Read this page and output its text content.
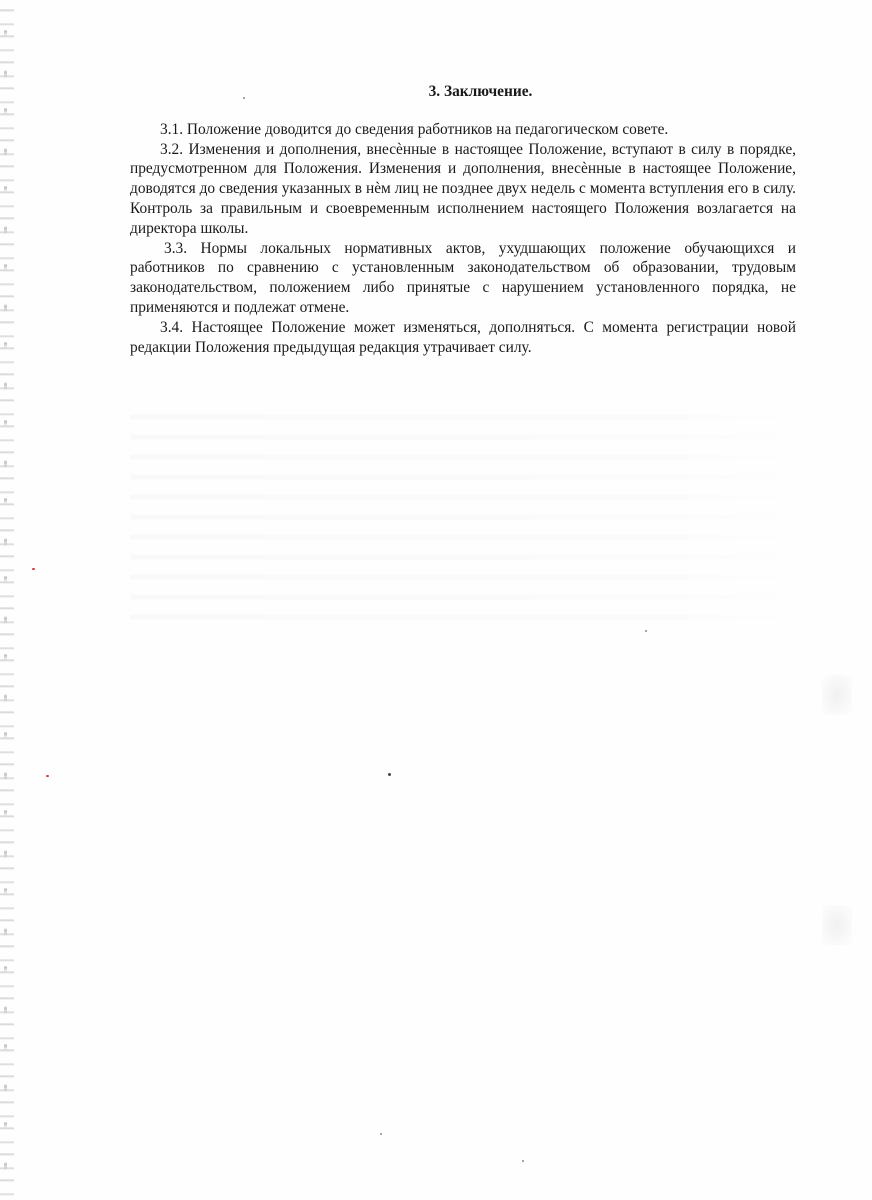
3. Заключение.

3.1. Положение доводится до сведения работников на педагогическом совете.

3.2. Изменения и дополнения, внесѐнные в настоящее Положение, вступают в силу в порядке, предусмотренном для Положения. Изменения и дополнения, внесѐнные в настоящее Положение, доводятся до сведения указанных в нѐм лиц не позднее двух недель с момента вступления его в силу. Контроль за правильным и своевременным исполнением настоящего Положения возлагается на директора школы.

3.3. Нормы локальных нормативных актов, ухудшающих положение обучающихся и работников по сравнению с установленным законодательством об образовании, трудовым законодательством, положением либо принятые с нарушением установленного порядка, не применяются и подлежат отмене.

3.4. Настоящее Положение может изменяться, дополняться. С момента регистрации новой редакции Положения предыдущая редакция утрачивает силу.
